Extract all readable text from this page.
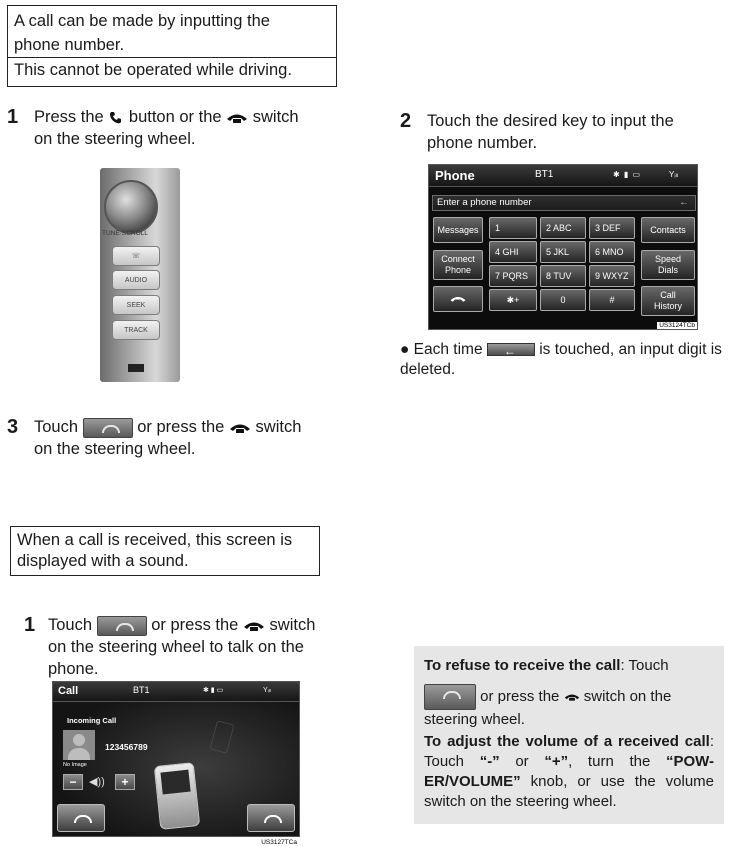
A call can be made by inputting the
phone number.
This cannot be operated while driving.
1 Press the button or the switch
on the steering wheel.
TUNE·SCROLL
☏
AUDIO
SEEK
TRACK
3 Touch	or press the switch
on the steering wheel.
2 Touch the desired key to input the
phone number.
Phone	BT1	✱ ▮ ▭	Yᵢₗₗ
Enter a phone number	←
Messages
Connect
Phone
1	2 ABC	3 DEF
4 GHI	5 JKL	6 MNO
7 PQRS	8 TUV	9 WXYZ
✱+	0	#
Contacts
Speed
Dials
Call
History
US3124TCb
● Each time ←	is touched, an input digit is deleted.
When a call is received, this screen is
displayed with a sound.
1 Touch	or press the switch on the steering wheel to talk on the phone.
Call	BT1	✱ ▮ ▭	Yᵢₗₗ
Incoming Call
No Image
123456789
−	◀))	+
US3127TCa
To refuse to receive the call: Touch
or press the switch on the steering wheel.
To adjust the volume of a received call: Touch “-” or “+”, turn the “POW-ER/VOLUME” knob, or use the volume switch on the steering wheel.
